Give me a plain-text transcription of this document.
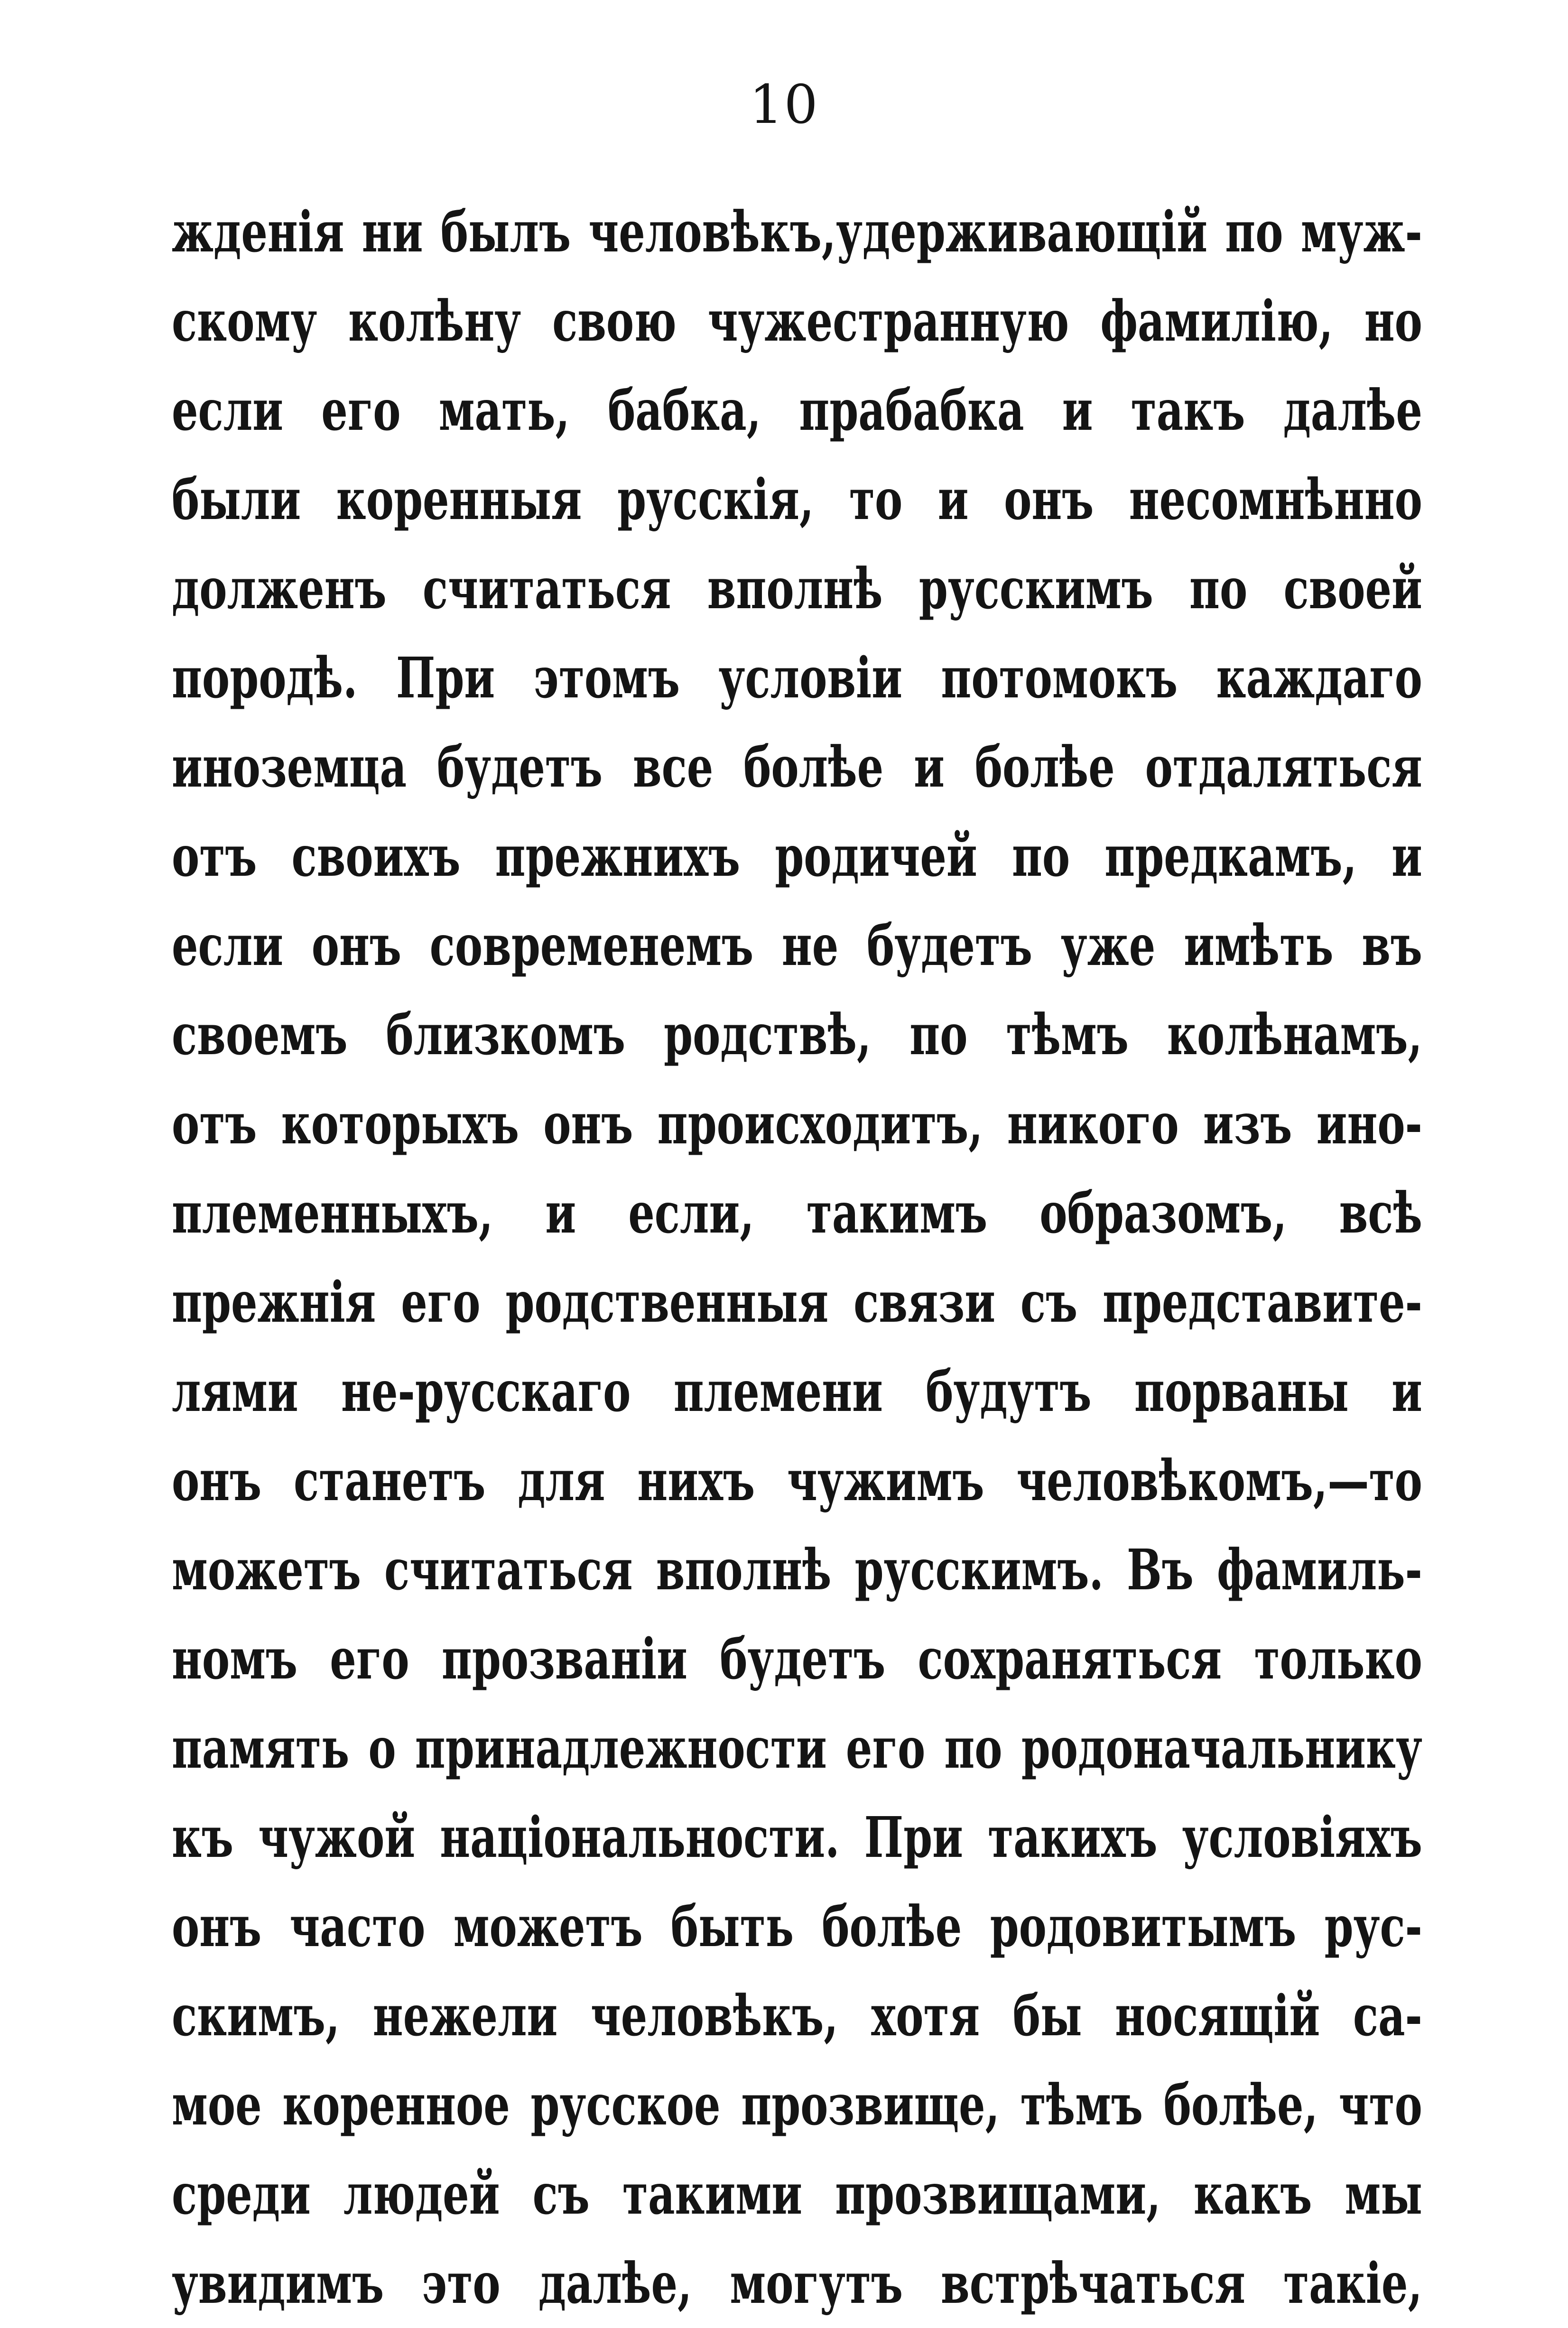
10
жденія ни былъ человѣкъ,удерживающій по муж-
скому колѣну свою чужестранную фамилію, но
если его мать, бабка, прабабка и такъ далѣе
были коренныя русскія, то и онъ несомнѣнно
долженъ считаться вполнѣ русскимъ по своей
породѣ. При этомъ условіи потомокъ каждаго
иноземца будетъ все болѣе и болѣе отдаляться
отъ своихъ прежнихъ родичей по предкамъ, и
если онъ современемъ не будетъ уже имѣть въ
своемъ близкомъ родствѣ, по тѣмъ колѣнамъ,
отъ которыхъ онъ происходитъ, никого изъ ино-
племенныхъ, и если, такимъ образомъ, всѣ
прежнія его родственныя связи съ представите-
лями не-русскаго племени будутъ порваны и
онъ станетъ для нихъ чужимъ человѣкомъ,—то
можетъ считаться вполнѣ русскимъ. Въ фамиль-
номъ его прозваніи будетъ сохраняться только
память о принадлежности его по родоначальнику
къ чужой національности. При такихъ условіяхъ
онъ часто можетъ быть болѣе родовитымъ рус-
скимъ, нежели человѣкъ, хотя бы носящій са-
мое коренное русское прозвище, тѣмъ болѣе, что
среди людей съ такими прозвищами, какъ мы
увидимъ это далѣе, могутъ встрѣчаться такіе,
